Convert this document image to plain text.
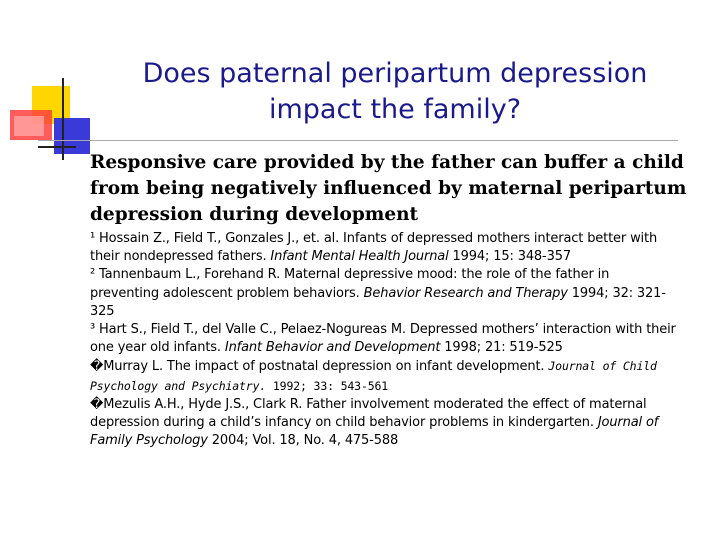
Does paternal peripartum depression
impact the family?
Responsive care provided by the father can buffer a child from being negatively influenced by maternal peripartum depression during development

¹ Hossain Z., Field T., Gonzales J., et. al. Infants of depressed mothers interact better with their nondepressed fathers. Infant Mental Health Journal 1994; 15: 348-357

² Tannenbaum L., Forehand R. Maternal depressive mood: the role of the father in preventing adolescent problem behaviors. Behavior Research and Therapy 1994; 32: 321-325

³ Hart S., Field T., del Valle C., Pelaez-Nogureas M. Depressed mothers’ interaction with their one year old infants. Infant Behavior and Development 1998; 21: 519-525

�Murray L. The impact of postnatal depression on infant development. Journal of Child Psychology and Psychiatry. 1992; 33: 543-561

�Mezulis A.H., Hyde J.S., Clark R. Father involvement moderated the effect of maternal depression during a child’s infancy on child behavior problems in kindergarten. Journal of Family Psychology 2004; Vol. 18, No. 4, 475-588
